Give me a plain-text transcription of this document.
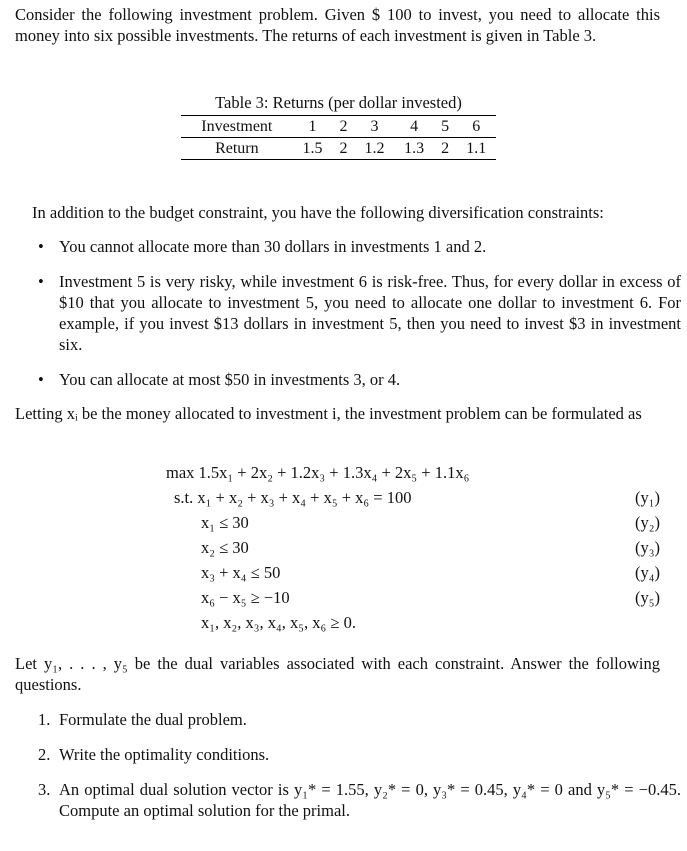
Consider the following investment problem. Given $ 100 to invest, you need to allocate this money into six possible investments. The returns of each investment is given in Table 3.

Table 3: Returns (per dollar invested)
Investment	1	2	3	4	5	6
Return	1.5	2	1.2	1.3	2	1.1

In addition to the budget constraint, you have the following diversification constraints:

• You cannot allocate more than 30 dollars in investments 1 and 2.

• Investment 5 is very risky, while investment 6 is risk-free. Thus, for every dollar in excess of $10 that you allocate to investment 5, you need to allocate one dollar to investment 6. For example, if you invest $13 dollars in investment 5, then you need to invest $3 in investment six.

• You can allocate at most $50 in investments 3, or 4.

Letting xᵢ be the money allocated to investment i, the investment problem can be formulated as

max 1.5x₁ + 2x₂ + 1.2x₃ + 1.3x₄ + 2x₅ + 1.1x₆
s.t. x₁ + x₂ + x₃ + x₄ + x₅ + x₆ = 100	(y₁)
x₁ ≤ 30	(y₂)
x₂ ≤ 30	(y₃)
x₃ + x₄ ≤ 50	(y₄)
x₆ − x₅ ≥ −10	(y₅)
x₁, x₂, x₃, x₄, x₅, x₆ ≥ 0.

Let y₁, . . . , y₅ be the dual variables associated with each constraint. Answer the following questions.

1. Formulate the dual problem.
2. Write the optimality conditions.
3. An optimal dual solution vector is y₁* = 1.55, y₂* = 0, y₃* = 0.45, y₄* = 0 and y₅* = −0.45. Compute an optimal solution for the primal.
